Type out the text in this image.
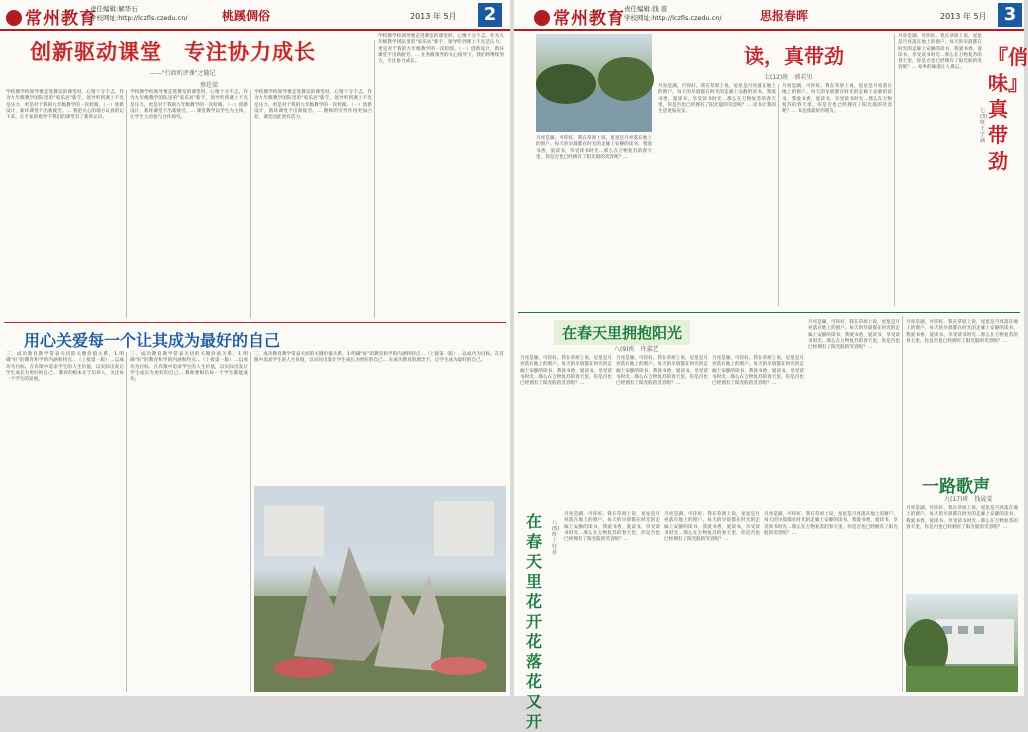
常州教育
责任编辑:解华石
学校网址:http://lczfis.czedu.cn/	桃蹊倜俗	2013 年 5月	2
创新驱动课堂　专注协力成长
——"行政听评课"之随记
蔡廷梁
学校教学校领导要走进教室的课堂时，心情十分不忐。作为九年级教学团队里的"家乐居"新手，领导听到课上不光是压力，更是对于我的九年级教学的一次检阅。（一）创新设计，新环课堂不出新疲劳。… 我把关心的地方认真的记下来，在专家的指导下我们的课堂有了新的认识。
学校教学校领导要走进教室的课堂时，心情十分不忐。作为九年级教学团队里的"家乐居"新手，领导听到课上不光是压力，更是对于我的九年级教学的一次检阅。（一）创新设计，新环课堂不出新疲劳。… 课堂教学以学生为主体，让学生主动参与合作探究。
学校教学校领导要走进教室的课堂时，心情十分不忐。作为九年级教学团队里的"家乐居"新手，领导听到课上不光是压力，更是对于我的九年级教学的一次检阅。（一）创新设计，新环课堂不出新疲劳。… 教师的引导作用更加凸显，课堂因此更有活力。
学校教学校领导要走进教室的课堂时，心情十分不忐。作为九年级教学团队里的"家乐居"新手，领导听到课上不光是压力，更是对于我的九年级教学的一次检阅。（一）创新设计，新环课堂不出新疲劳。… 在各级领导的关心指导下，我们将继续努力，专注协力成长。
用心关爱每一个让其成为最好的自己
三、成功教育教学常表关切的关键价值关系，1.明确"好"的教育和学的内涵和特点…（上接第一版）…以成功为目标，在有限中追求学生的人生价值，以实际出发让学生成长为更好的自己… 教育的根本在于培养人，关注每一个学生的发展。
三、成功教育教学常表关切的关键价值关系，1.明确"好"的教育和学的内涵和特点…（上接第一版）…以成功为目标，在有限中追求学生的人生价值，以实际出发让学生成长为更好的自己… 教师要相信每一个学生都能成功。
三、成功教育教学常表关切的关键价值关系，1.明确"好"的教育和学的内涵和特点…（上接第一版）…以成功为目标，在有限中追求学生的人生价值，以实际出发让学生成长为更好的自己… 在成功教育的理念下，让学生成为最好的自己。
常州教育 责任编辑:钱 震
学校网址:http://lczfis.czedu.cn/	思报春晖	2013 年 5月 3
月亮是湖，可你好。我在草原上说，星星是月亮落在地上的窗户。每天的早晨都在时光的走廊上安静的读书，我爱书香，爱读书，享受读书时光…那么在万物复苏的春天里，你是否也已经拥有了阳光般的笑容呢？…
读，真带劲
七(12)班　郭若男
月亮是湖，可你好。我在草原上说，星星是月亮落在地上的窗户。每天的早晨都在时光的走廊上安静的读书，我爱书香，爱读书，享受读书时光…那么在万物复苏的春天里，你是否也已经拥有了阳光般的笑容呢？… 读书让我的生活更加充实。
月亮是湖，可你好。我在草原上说，星星是月亮落在地上的窗户。每天的早晨都在时光的走廊上安静的读书，我爱书香，爱读书，享受读书时光…那么在万物复苏的春天里，你是否也已经拥有了阳光般的笑容呢？… 书是我最好的朋友。
月亮是湖，可你好。我在草原上说，星星是月亮落在地上的窗户。每天的早晨都在时光的走廊上安静的读书，我爱书香，爱读书，享受读书时光…那么在万物复苏的春天里，你是否也已经拥有了阳光般的笑容呢？… 家乡的味道让人难忘。	『俏味』真带劲
七(3)班　王子涵
在春天里拥抱阳光
八(9)班　许嘉艺
月亮是湖，可你好。我在草原上说，星星是月亮落在地上的窗户。每天的早晨都在时光的走廊上安静的读书，我爱书香，爱读书，享受读书时光…那么在万物复苏的春天里，你是否也已经拥有了阳光般的笑容呢？…
月亮是湖，可你好。我在草原上说，星星是月亮落在地上的窗户。每天的早晨都在时光的走廊上安静的读书，我爱书香，爱读书，享受读书时光…那么在万物复苏的春天里，你是否也已经拥有了阳光般的笑容呢？…
月亮是湖，可你好。我在草原上说，星星是月亮落在地上的窗户。每天的早晨都在时光的走廊上安静的读书，我爱书香，爱读书，享受读书时光…那么在万物复苏的春天里，你是否也已经拥有了阳光般的笑容呢？…
月亮是湖，可你好。我在草原上说，星星是月亮落在地上的窗户。每天的早晨都在时光的走廊上安静的读书，我爱书香，爱读书，享受读书时光…那么在万物复苏的春天里，你是否也已经拥有了阳光般的笑容呢？…
在春天里花开花落花又开
八(5)班　丁钰菲
月亮是湖，可你好。我在草原上说，星星是月亮落在地上的窗户。每天的早晨都在时光的走廊上安静的读书，我爱书香，爱读书，享受读书时光…那么在万物复苏的春天里，你是否也已经拥有了阳光般的笑容呢？…
月亮是湖，可你好。我在草原上说，星星是月亮落在地上的窗户。每天的早晨都在时光的走廊上安静的读书，我爱书香，爱读书，享受读书时光…那么在万物复苏的春天里，你是否也已经拥有了阳光般的笑容呢？…
月亮是湖，可你好。我在草原上说，星星是月亮落在地上的窗户。每天的早晨都在时光的走廊上安静的读书，我爱书香，爱读书，享受读书时光…那么在万物复苏的春天里，你是否也已经拥有了阳光般的笑容呢？…
月亮是湖，可你好。我在草原上说，星星是月亮落在地上的窗户。每天的早晨都在时光的走廊上安静的读书，我爱书香，爱读书，享受读书时光…那么在万物复苏的春天里，你是否也已经拥有了阳光般的笑容呢？…
一路歌声
九(17)班　钱晟雯
月亮是湖，可你好。我在草原上说，星星是月亮落在地上的窗户。每天的早晨都在时光的走廊上安静的读书，我爱书香，爱读书，享受读书时光…那么在万物复苏的春天里，你是否也已经拥有了阳光般的笑容呢？…
